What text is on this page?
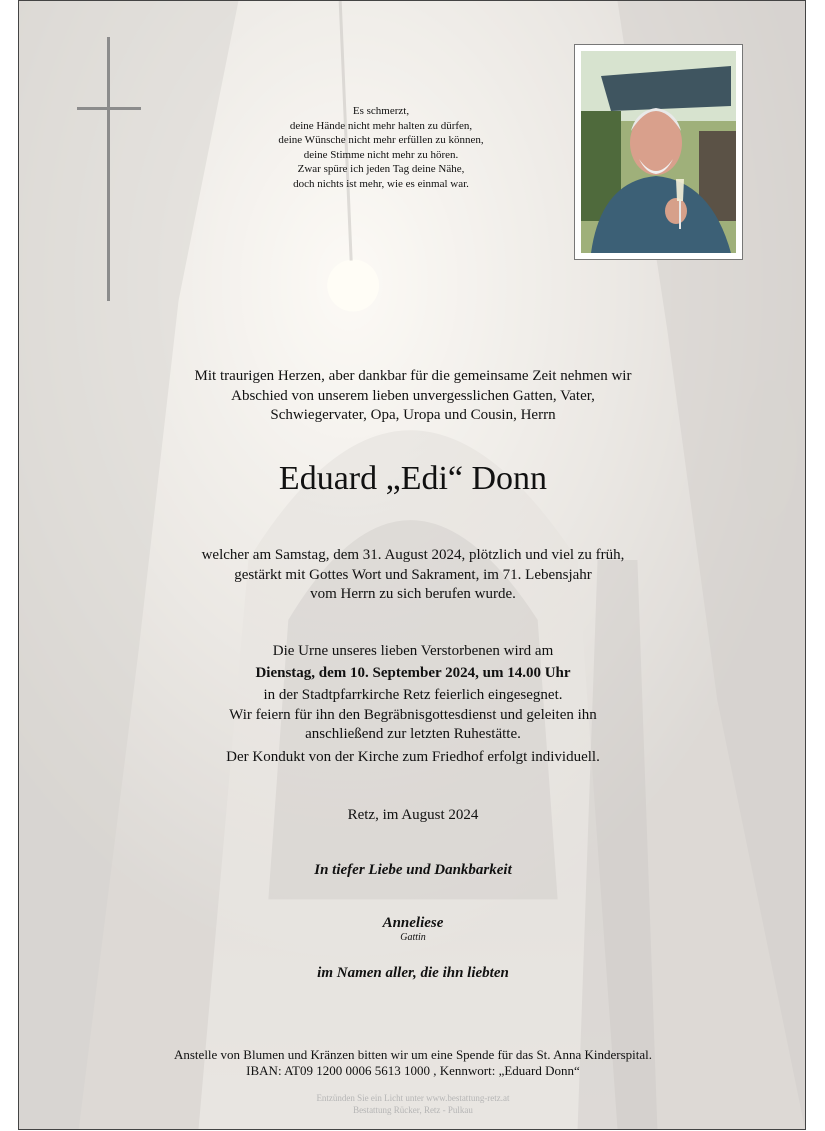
Es schmerzt,
deine Hände nicht mehr halten zu dürfen,
deine Wünsche nicht mehr erfüllen zu können,
deine Stimme nicht mehr zu hören.
Zwar spüre ich jeden Tag deine Nähe,
doch nichts ist mehr, wie es einmal war.
Mit traurigen Herzen, aber dankbar für die gemeinsame Zeit nehmen wir
Abschied von unserem lieben unvergesslichen Gatten, Vater,
Schwiegervater, Opa, Uropa und Cousin, Herrn
Eduard „Edi“ Donn
welcher am Samstag, dem 31. August 2024, plötzlich und viel zu früh,
gestärkt mit Gottes Wort und Sakrament, im 71. Lebensjahr
vom Herrn zu sich berufen wurde.
Die Urne unseres lieben Verstorbenen wird am
Dienstag, dem 10. September 2024, um 14.00 Uhr
in der Stadtpfarrkirche Retz feierlich eingesegnet.
Wir feiern für ihn den Begräbnisgottesdienst und geleiten ihn
anschließend zur letzten Ruhestätte.
Der Kondukt von der Kirche zum Friedhof erfolgt individuell.
Retz, im August 2024
In tiefer Liebe und Dankbarkeit
Anneliese
Gattin
im Namen aller, die ihn liebten
Anstelle von Blumen und Kränzen bitten wir um eine Spende für das St. Anna Kinderspital.
IBAN: AT09 1200 0006 5613 1000 , Kennwort: „Eduard Donn“
Entzünden Sie ein Licht unter www.bestattung-retz.at
Bestattung Rücker, Retz - Pulkau
